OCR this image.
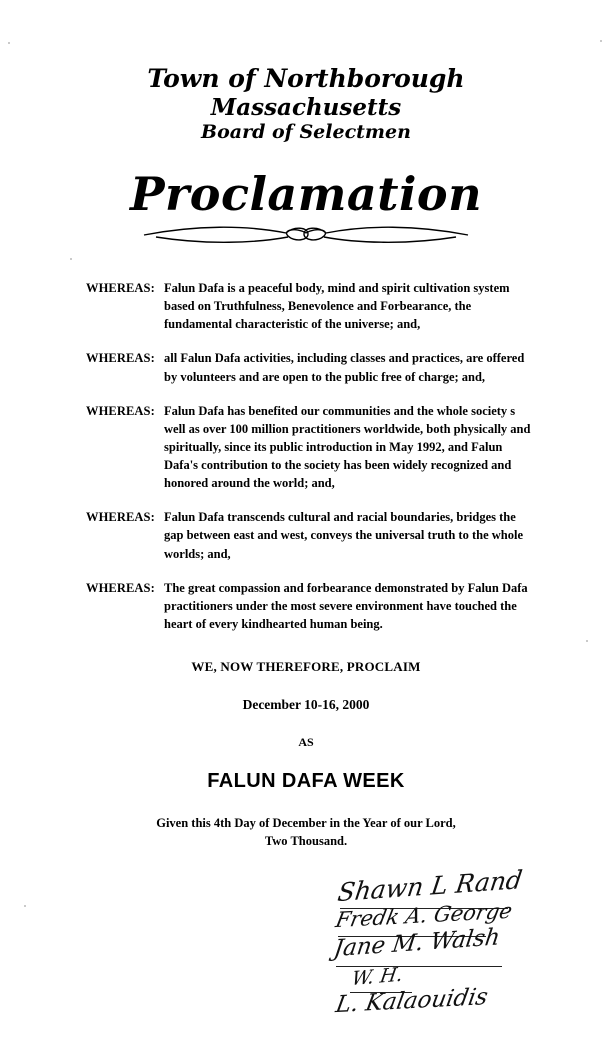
Town of Northborough
Massachusetts
Board of Selectmen
Proclamation
WHEREAS: Falun Dafa is a peaceful body, mind and spirit cultivation system based on Truthfulness, Benevolence and Forbearance, the fundamental characteristic of the universe; and,
WHEREAS: all Falun Dafa activities, including classes and practices, are offered by volunteers and are open to the public free of charge; and,
WHEREAS: Falun Dafa has benefited our communities and the whole society s well as over 100 million practitioners worldwide, both physically and spiritually, since its public introduction in May 1992, and Falun Dafa's contribution to the society has been widely recognized and honored around the world; and,
WHEREAS: Falun Dafa transcends cultural and racial boundaries, bridges the gap between east and west, conveys the universal truth to the whole worlds; and,
WHEREAS: The great compassion and forbearance demonstrated by Falun Dafa practitioners under the most severe environment have touched the heart of every kindhearted human being.
WE, NOW THEREFORE, PROCLAIM
December 10-16, 2000
AS
FALUN DAFA WEEK
Given this 4th Day of December in the Year of our Lord,
Two Thousand.
Shawn L Rand
Fredk A. George
Jane M. Walsh
W. H.
L. Kalaouidis
